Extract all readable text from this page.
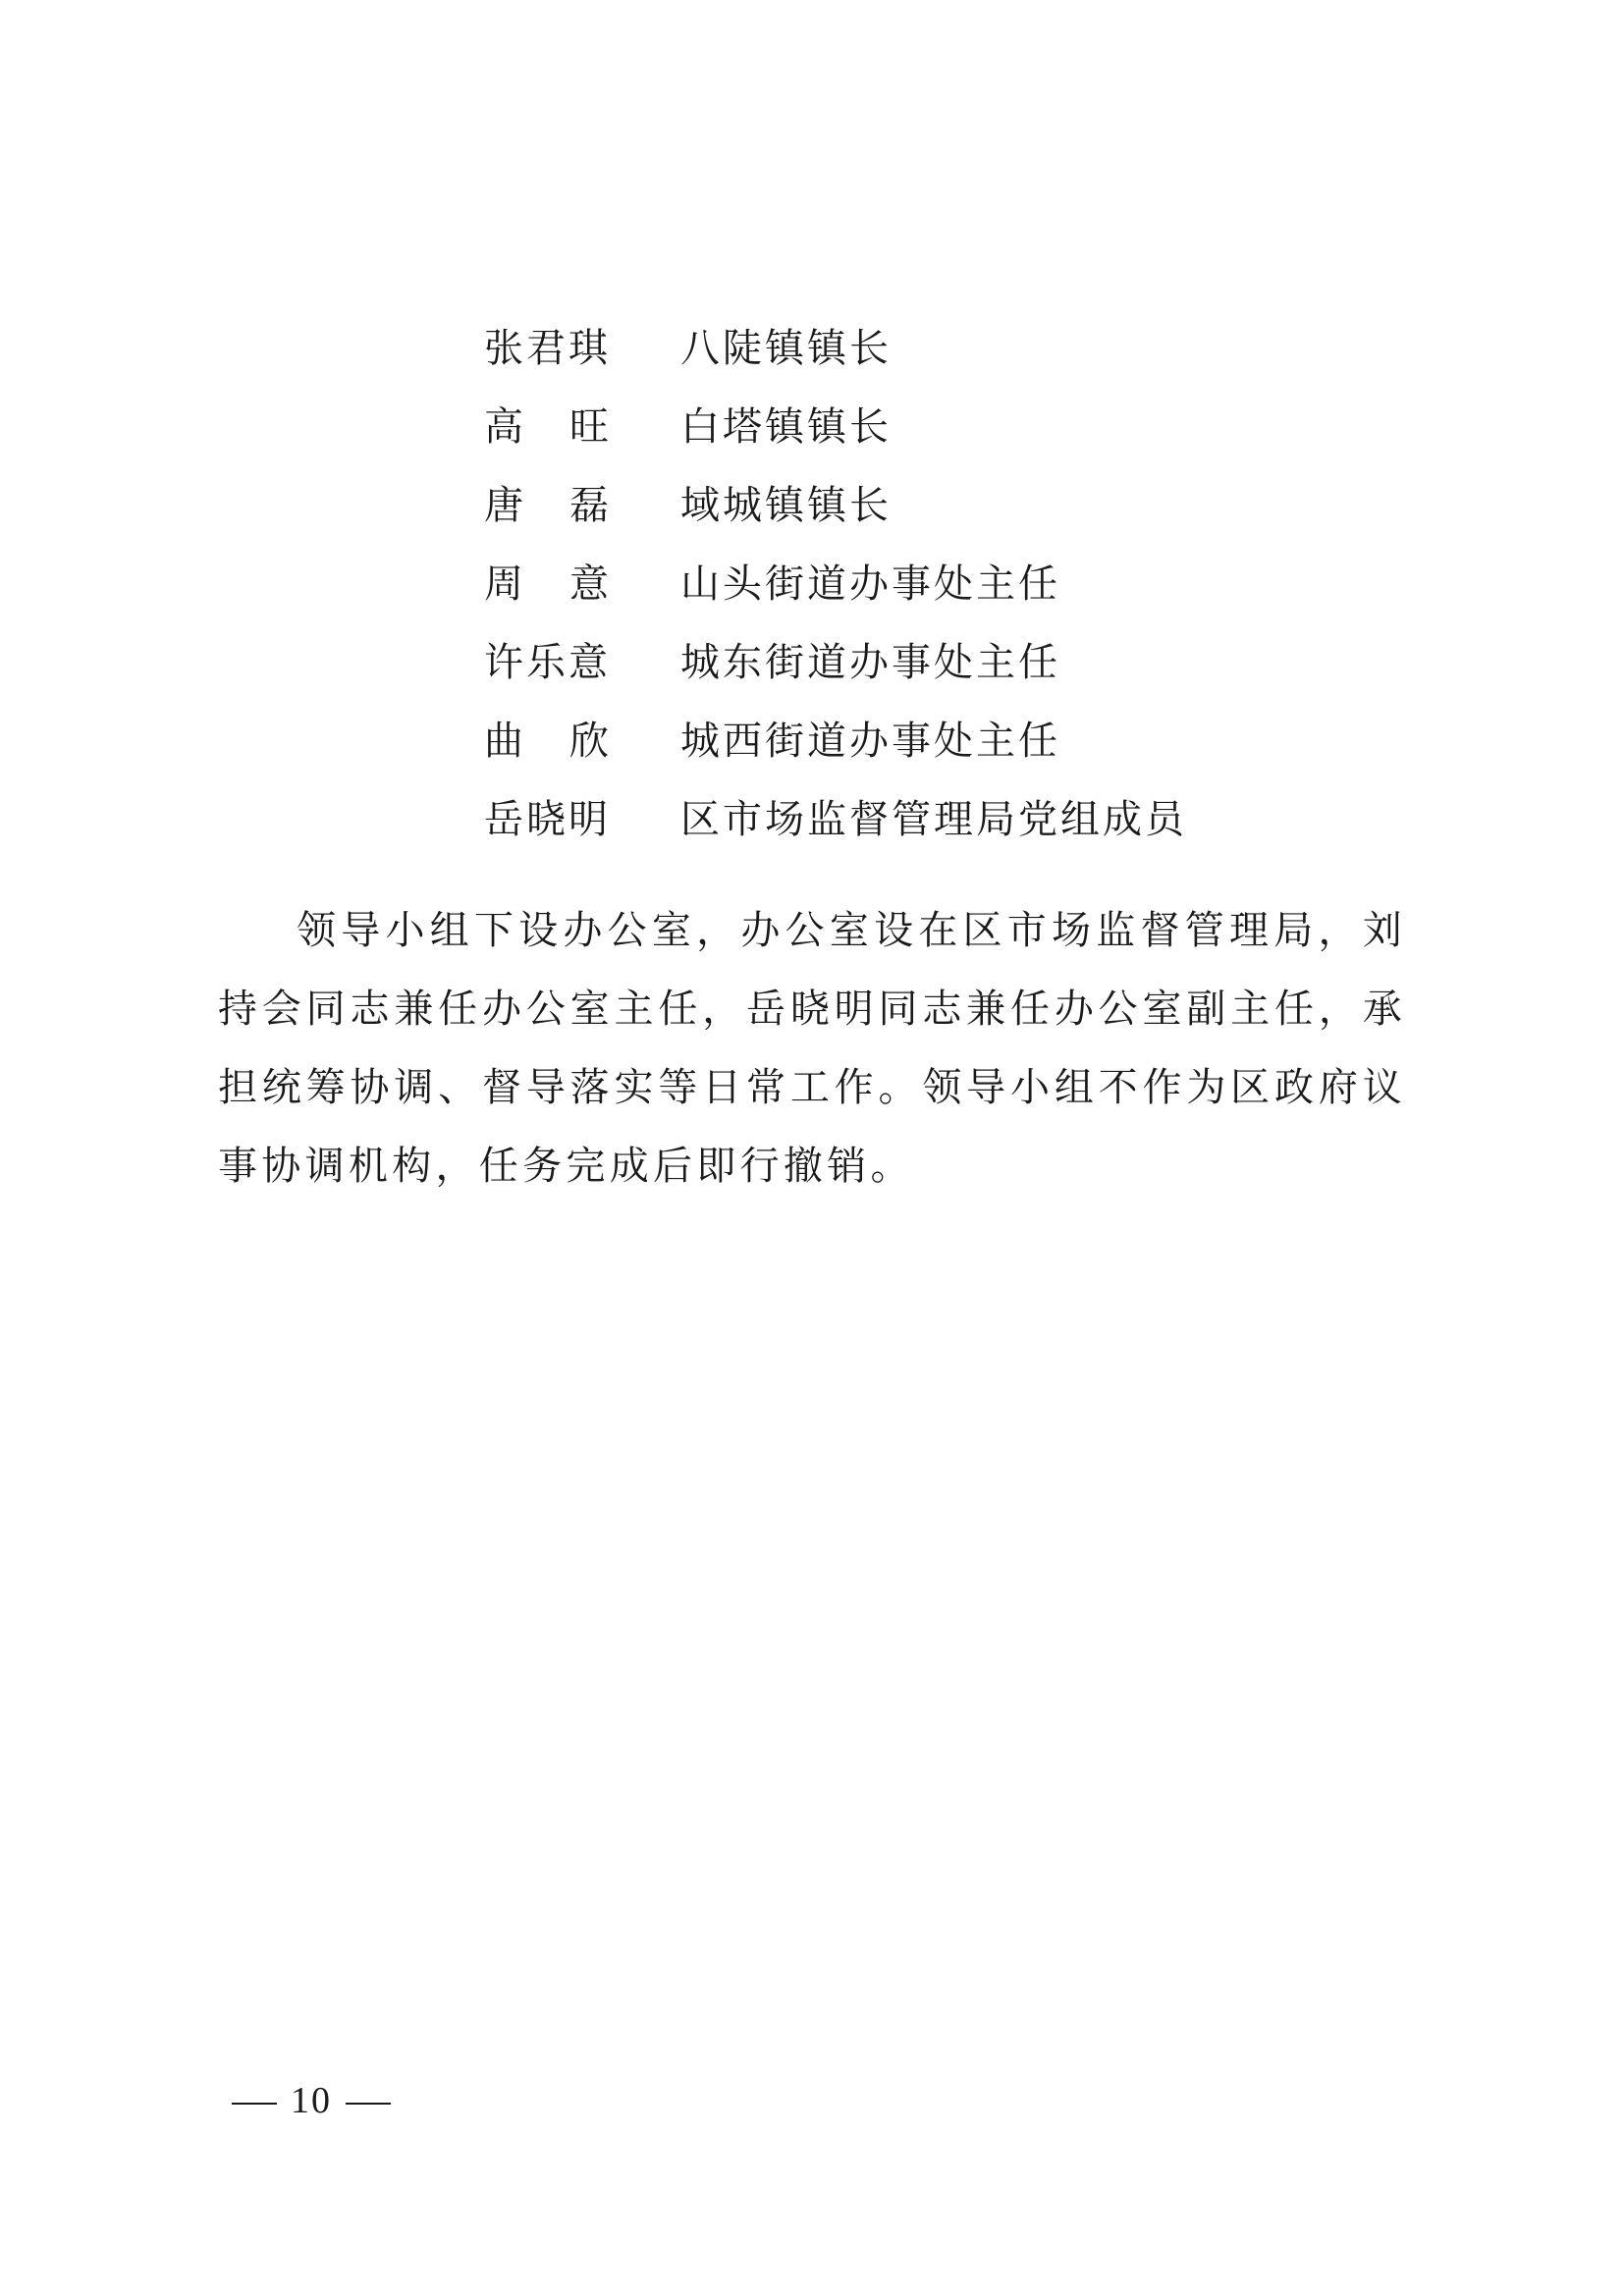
张君琪	八陡镇镇长
高 旺 白塔镇镇长
唐 磊 域城镇镇长
周 意 山头街道办事处主任
许乐意	城东街道办事处主任
曲 欣 城西街道办事处主任
岳晓明	区市场监督管理局党组成员

领导小组下设办公室，办公室设在区市场监督管理局，刘持会同志兼任办公室主任，岳晓明同志兼任办公室副主任，承担统筹协调、督导落实等日常工作。领导小组不作为区政府议事协调机构，任务完成后即行撤销。

10
